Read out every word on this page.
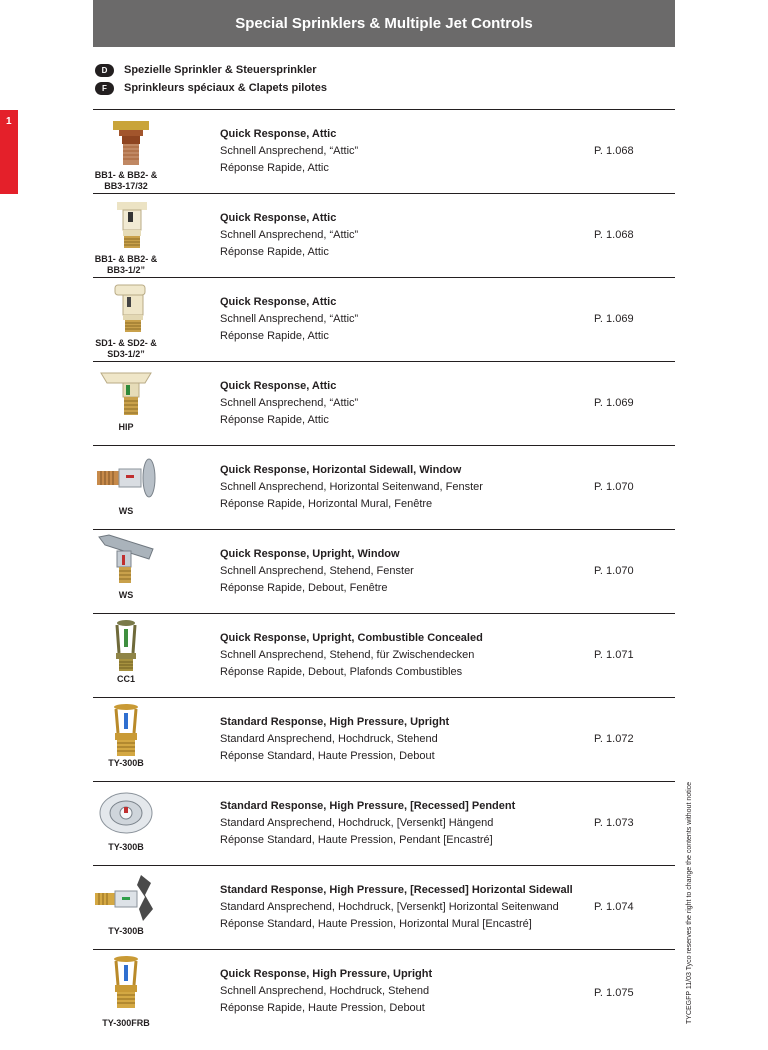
Special Sprinklers & Multiple Jet Controls
D	Spezielle Sprinkler & Steuersprinkler
F	Sprinkleurs spéciaux & Clapets pilotes
1
BB1- & BB2- & BB3-17/32
Quick Response, Attic
Schnell Ansprechend, “Attic”
Réponse Rapide, Attic
P. 1.068
BB1- & BB2- & BB3-1/2”
Quick Response, Attic
Schnell Ansprechend, “Attic”
Réponse Rapide, Attic
P. 1.068
SD1- & SD2- & SD3-1/2”
Quick Response, Attic
Schnell Ansprechend, “Attic”
Réponse Rapide, Attic
P. 1.069
HIP
Quick Response, Attic
Schnell Ansprechend, “Attic”
Réponse Rapide, Attic
P. 1.069
WS
Quick Response, Horizontal Sidewall, Window
Schnell Ansprechend, Horizontal Seitenwand, Fenster
Réponse Rapide, Horizontal Mural, Fenêtre
P. 1.070
WS
Quick Response, Upright, Window
Schnell Ansprechend, Stehend, Fenster
Réponse Rapide, Debout, Fenêtre
P. 1.070
CC1
Quick Response, Upright, Combustible Concealed
Schnell Ansprechend, Stehend, für Zwischendecken
Réponse Rapide, Debout, Plafonds Combustibles
P. 1.071
TY-300B
Standard Response, High Pressure, Upright
Standard Ansprechend, Hochdruck, Stehend
Réponse Standard, Haute Pression, Debout
P. 1.072
TY-300B
Standard Response, High Pressure, [Recessed] Pendent
Standard Ansprechend, Hochdruck, [Versenkt] Hängend
Réponse Standard, Haute Pression, Pendant [Encastré]
P. 1.073
TY-300B
Standard Response, High Pressure, [Recessed] Horizontal Sidewall
Standard Ansprechend, Hochdruck, [Versenkt] Horizontal Seitenwand
Réponse Standard, Haute Pression, Horizontal Mural [Encastré]
P. 1.074
TY-300FRB
Quick Response, High Pressure, Upright
Schnell Ansprechend, Hochdruck, Stehend
Réponse Rapide, Haute Pression, Debout
P. 1.075	TYCEGFP 11/03 Tyco reserves the right to change the contents without notice
